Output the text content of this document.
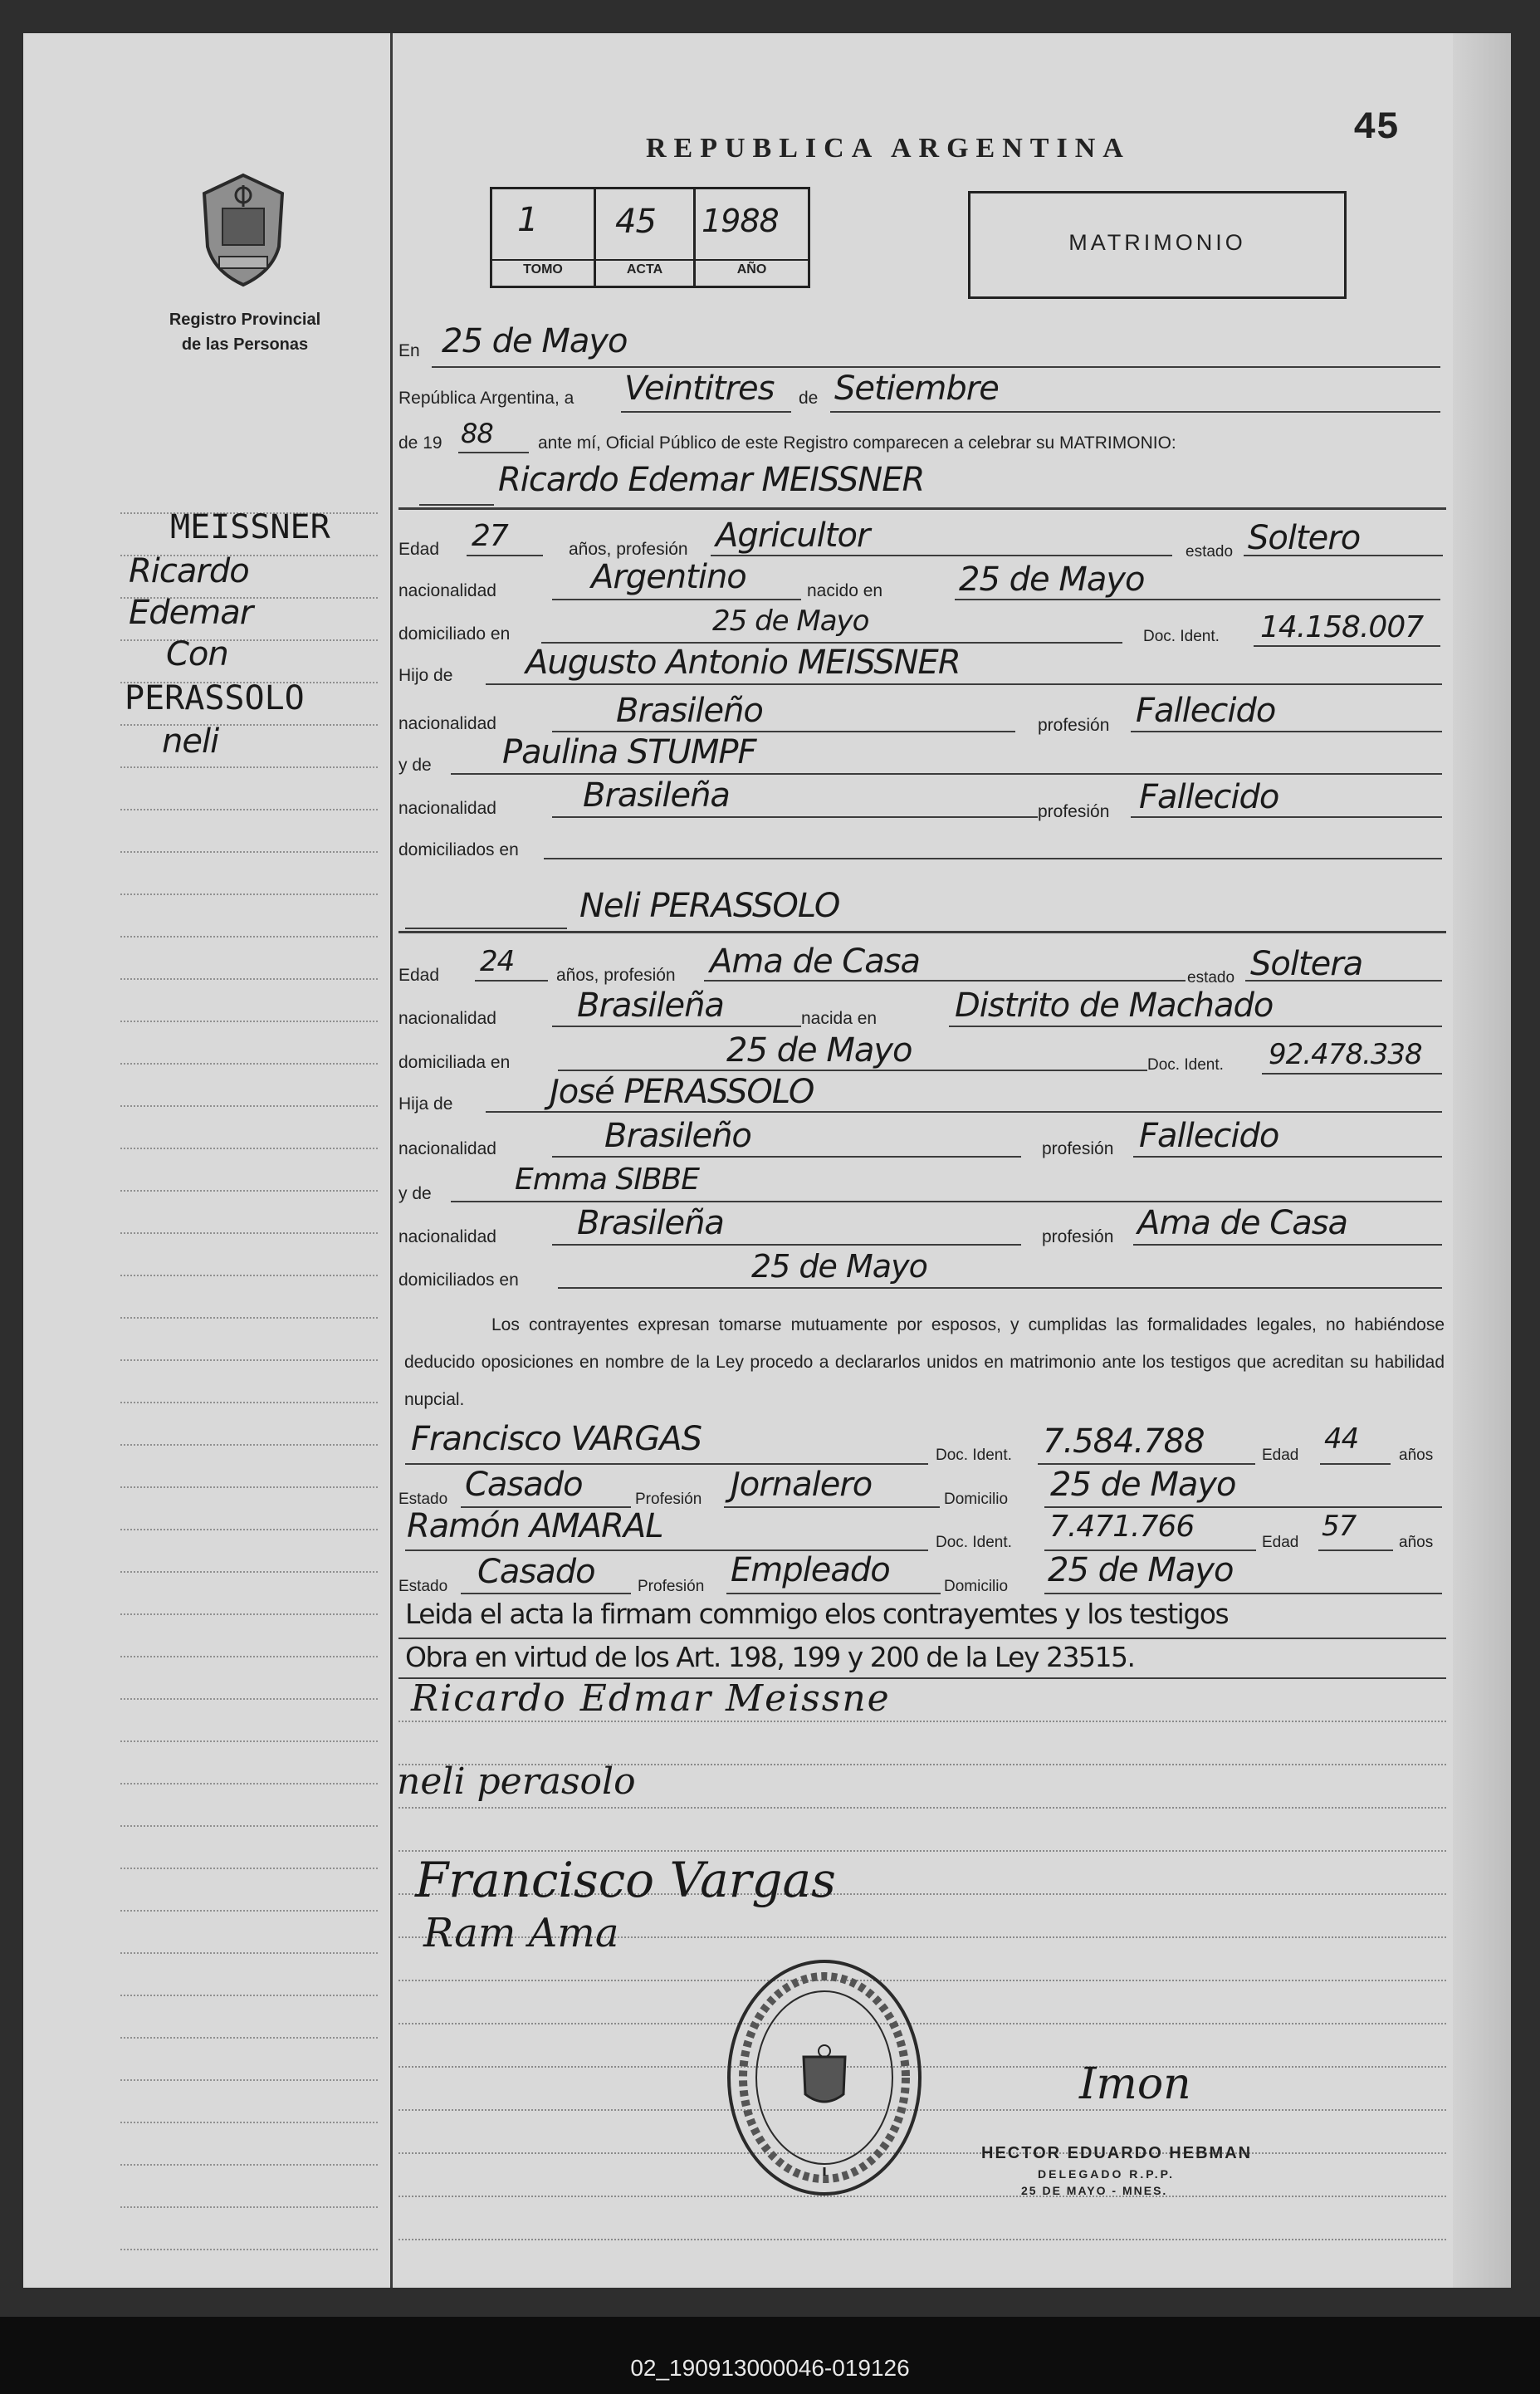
Registro Provincial
de las Personas
MEISSNER
Ricardo
Edemar
Con
PERASSOLO
neli
45
REPUBLICA ARGENTINA
1 45 1988
TOMO	ACTA	AÑO
MATRIMONIO
En 25 de Mayo
República Argentina, a Veintitres de Setiembre
de 19 88	ante mí, Oficial Público de este Registro comparecen a celebrar su MATRIMONIO:
Ricardo Edemar MEISSNER
Edad 27	años, profesión Agricultor	estado Soltero
nacionalidad	Argentino	nacido en 25 de Mayo
domiciliado en	25 de Mayo	Doc. Ident. 14.158.007
Hijo de Augusto Antonio MEISSNER
nacionalidad	Brasileño	profesión Fallecido
y de Paulina STUMPF
nacionalidad	Brasileña	profesión Fallecido
domiciliados en
Neli PERASSOLO
Edad 24 años, profesión Ama de Casa	estado Soltera
nacionalidad Brasileña	nacida en Distrito de Machado
domiciliada en	25 de Mayo	Doc. Ident. 92.478.338
Hija de	José PERASSOLO
nacionalidad	Brasileño	profesión Fallecido
y de	Emma SIBBE
nacionalidad Brasileña	profesión Ama de Casa
domiciliados en	25 de Mayo
Los contrayentes expresan tomarse mutuamente por esposos, y cumplidas las formalidades legales, no habiéndose deducido oposiciones en nombre de la Ley procedo a declararlos unidos en matrimonio ante los testigos que acreditan su habilidad nupcial.
Francisco VARGAS	Doc. Ident. 7.584.788	Edad 44	años
Estado Casado	Profesión Jornalero	Domicilio 25 de Mayo
Ramón AMARAL	Doc. Ident. 7.471.766	Edad 57	años
Estado Casado	Profesión Empleado	Domicilio 25 de Mayo
Leida el acta la firmam commigo elos contrayemtes y los testigos
Obra en virtud de los Art. 198, 199 y 200 de la Ley 23515.
Ricardo Edmar Meissne
neli perasolo
Francisco Vargas
Ram Ama
Imon
HECTOR EDUARDO HEBMAN
DELEGADO R.P.P.
25 DE MAYO - MNES.
02_190913000046-019126
